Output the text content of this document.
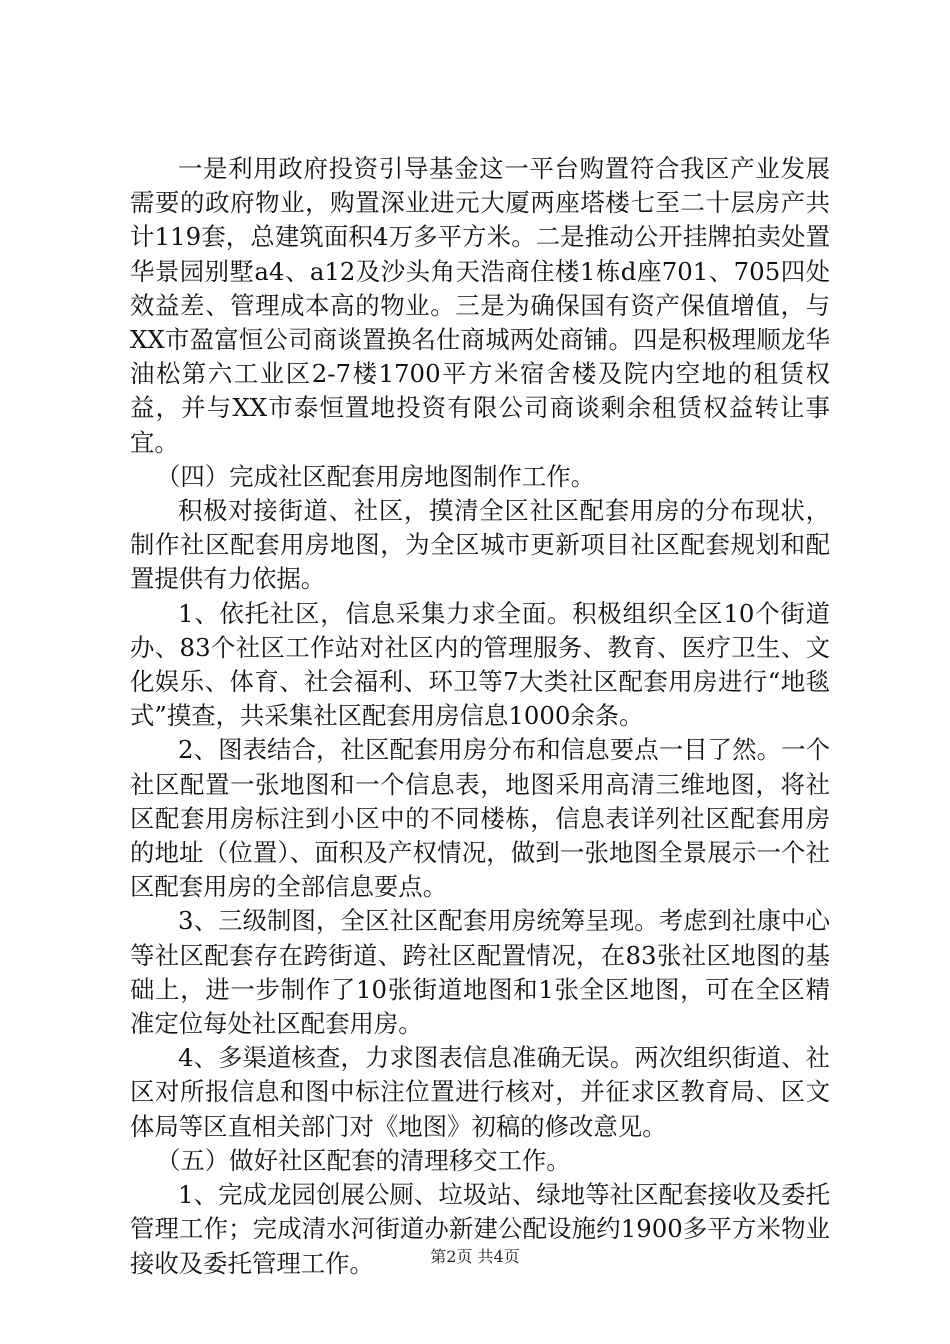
一是利用政府投资引导基金这一平台购置符合我区产业发展需要的政府物业，购置深业进元大厦两座塔楼七至二十层房产共计119套，总建筑面积4万多平方米。二是推动公开挂牌拍卖处置华景园别墅a4、a12及沙头角天浩商住楼1栋d座701、705四处效益差、管理成本高的物业。三是为确保国有资产保值增值，与XX市盈富恒公司商谈置换名仕商城两处商铺。四是积极理顺龙华油松第六工业区2-7楼1700平方米宿舍楼及院内空地的租赁权益，并与XX市泰恒置地投资有限公司商谈剩余租赁权益转让事宜。

（四）完成社区配套用房地图制作工作。

积极对接街道、社区，摸清全区社区配套用房的分布现状，制作社区配套用房地图，为全区城市更新项目社区配套规划和配置提供有力依据。

1、依托社区，信息采集力求全面。积极组织全区10个街道办、83个社区工作站对社区内的管理服务、教育、医疗卫生、文化娱乐、体育、社会福利、环卫等7大类社区配套用房进行“地毯式”摸查，共采集社区配套用房信息1000余条。

2、图表结合，社区配套用房分布和信息要点一目了然。一个社区配置一张地图和一个信息表，地图采用高清三维地图，将社区配套用房标注到小区中的不同楼栋，信息表详列社区配套用房的地址（位置）、面积及产权情况，做到一张地图全景展示一个社区配套用房的全部信息要点。

3、三级制图，全区社区配套用房统筹呈现。考虑到社康中心等社区配套存在跨街道、跨社区配置情况，在83张社区地图的基础上，进一步制作了10张街道地图和1张全区地图，可在全区精准定位每处社区配套用房。

4、多渠道核查，力求图表信息准确无误。两次组织街道、社区对所报信息和图中标注位置进行核对，并征求区教育局、区文体局等区直相关部门对《地图》初稿的修改意见。

（五）做好社区配套的清理移交工作。

1、完成龙园创展公厕、垃圾站、绿地等社区配套接收及委托管理工作；完成清水河街道办新建公配设施约1900多平方米物业接收及委托管理工作。	第2页 共4页
